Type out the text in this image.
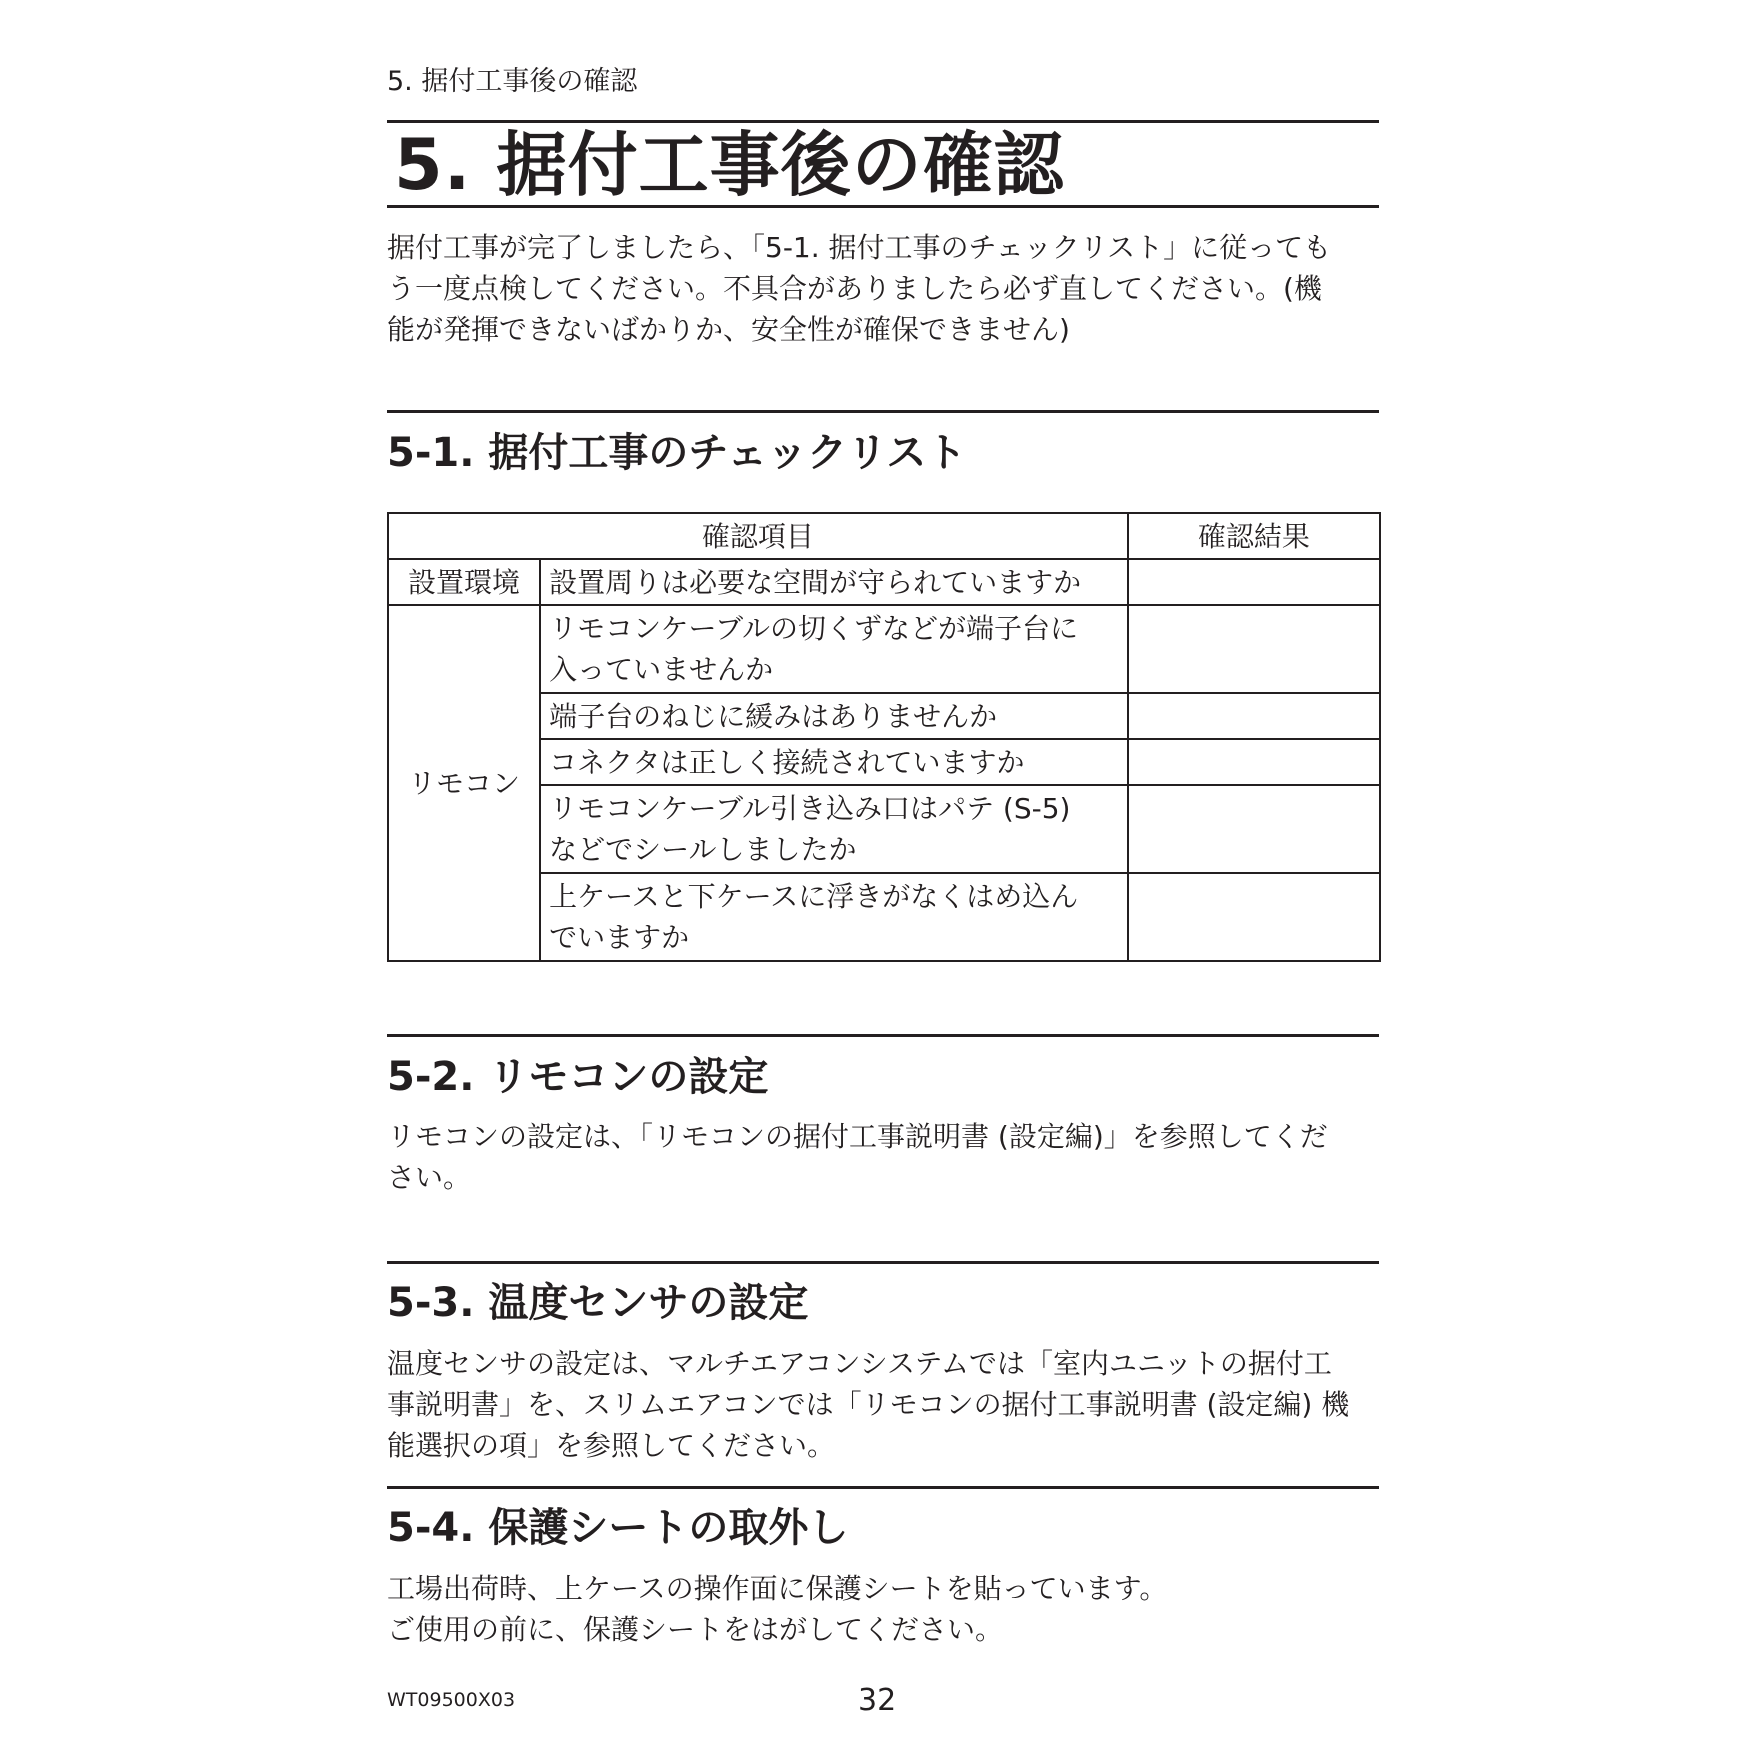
5. 据付工事後の確認
5. 据付工事後の確認

据付工事が完了しましたら、「5-1. 据付工事のチェックリスト」に従っても
う一度点検してください。不具合がありましたら必ず直してください。(機
能が発揮できないばかりか、安全性が確保できません)

5-1. 据付工事のチェックリスト
確認項目		確認結果
設置環境	設置周りは必要な空間が守られていますか	

リモコン	リモコンケーブルの切くずなどが端子台に
入っていませんか	

	端子台のねじに緩みはありませんか	

	コネクタは正しく接続されていますか	

	リモコンケーブル引き込み口はパテ (S-5)
などでシールしましたか	

	上ケースと下ケースに浮きがなくはめ込ん
でいますか	

5-2. リモコンの設定

リモコンの設定は、「リモコンの据付工事説明書 (設定編)」を参照してくだ
さい。

5-3. 温度センサの設定

温度センサの設定は、マルチエアコンシステムでは「室内ユニットの据付工
事説明書」を、スリムエアコンでは「リモコンの据付工事説明書 (設定編) 機
能選択の項」を参照してください。

5-4. 保護シートの取外し

工場出荷時、上ケースの操作面に保護シートを貼っています。
ご使用の前に、保護シートをはがしてください。

WT09500X03	32
